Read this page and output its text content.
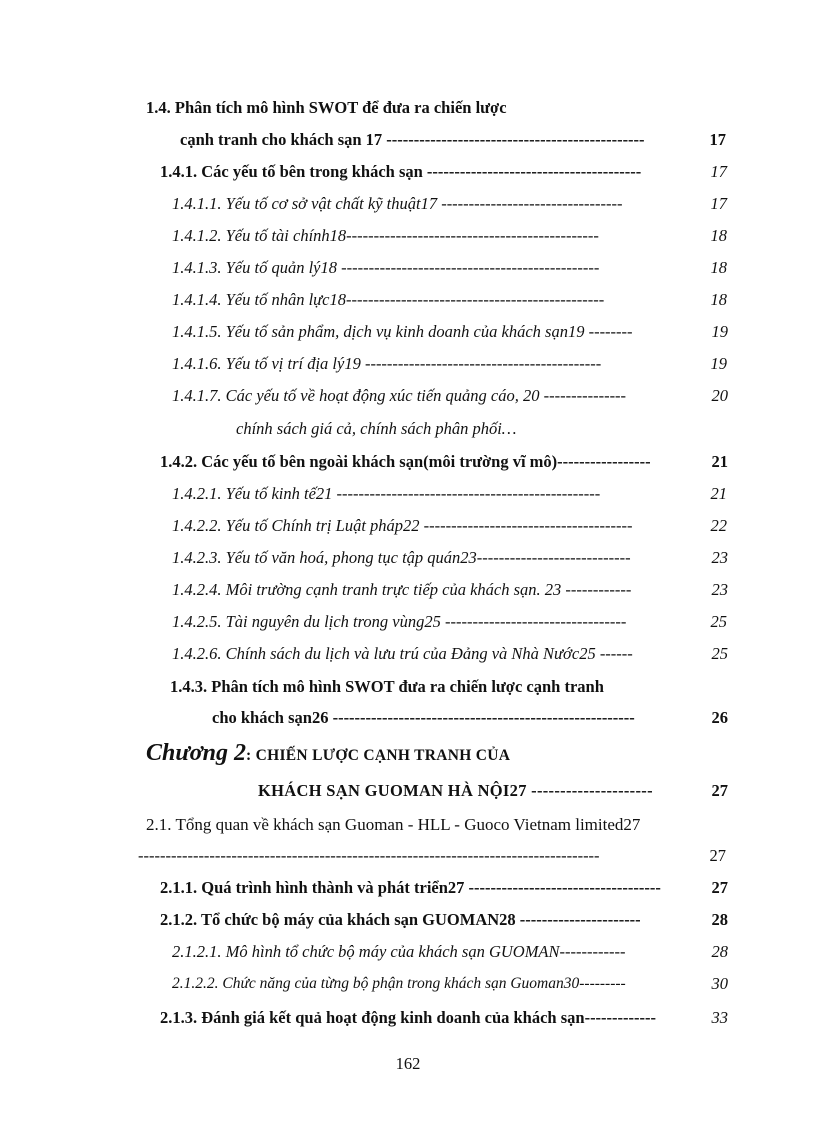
1.4. Phân tích mô hình SWOT để đưa ra chiến lược
cạnh tranh cho khách sạn 17 -----------------------------------------------	17
1.4.1. Các yếu tố bên trong khách sạn ---------------------------------------	17
1.4.1.1. Yếu tố cơ sở vật chất kỹ thuật17 ---------------------------------	17
1.4.1.2. Yếu tố tài chính18----------------------------------------------	18
1.4.1.3. Yếu tố quản lý18 -----------------------------------------------	18
1.4.1.4. Yếu tố nhân lực18-----------------------------------------------	18
1.4.1.5. Yếu tố sản phẩm, dịch vụ kinh doanh của khách sạn19 --------	19
1.4.1.6. Yếu tố vị trí địa lý19 -------------------------------------------	19
1.4.1.7. Các yếu tố về hoạt động xúc tiến quảng cáo, 20 ---------------	20
chính sách giá cả, chính sách phân phối…
1.4.2. Các yếu tố bên ngoài khách sạn(môi trường vĩ mô)-----------------	21
1.4.2.1. Yếu tố kinh tế21 ------------------------------------------------	21
1.4.2.2. Yếu tố Chính trị Luật pháp22 --------------------------------------	22
1.4.2.3. Yếu tố văn hoá, phong tục tập quán23----------------------------	23
1.4.2.4. Môi trường cạnh tranh trực tiếp của khách sạn. 23 ------------	23
1.4.2.5. Tài nguyên du lịch trong vùng25 ---------------------------------	25
1.4.2.6. Chính sách du lịch và lưu trú của Đảng và Nhà Nước25 ------	25
1.4.3. Phân tích mô hình SWOT đưa ra chiến lược cạnh tranh
cho khách sạn26 -------------------------------------------------------	26
Chương 2: CHIẾN LƯỢC CẠNH TRANH CỦA
KHÁCH SẠN GUOMAN HÀ NỘI27 ---------------------	27
2.1. Tổng quan về khách sạn Guoman - HLL - Guoco Vietnam limited27
------------------------------------------------------------------------------------	27
2.1.1. Quá trình hình thành và phát triển27 -----------------------------------	27
2.1.2. Tổ chức bộ máy của khách sạn GUOMAN28 ----------------------	28
2.1.2.1. Mô hình tổ chức bộ máy của khách sạn GUOMAN------------	28
2.1.2.2. Chức năng của từng bộ phận trong khách sạn Guoman30---------	30
2.1.3. Đánh giá kết quả hoạt động kinh doanh của khách sạn-------------	33
162
